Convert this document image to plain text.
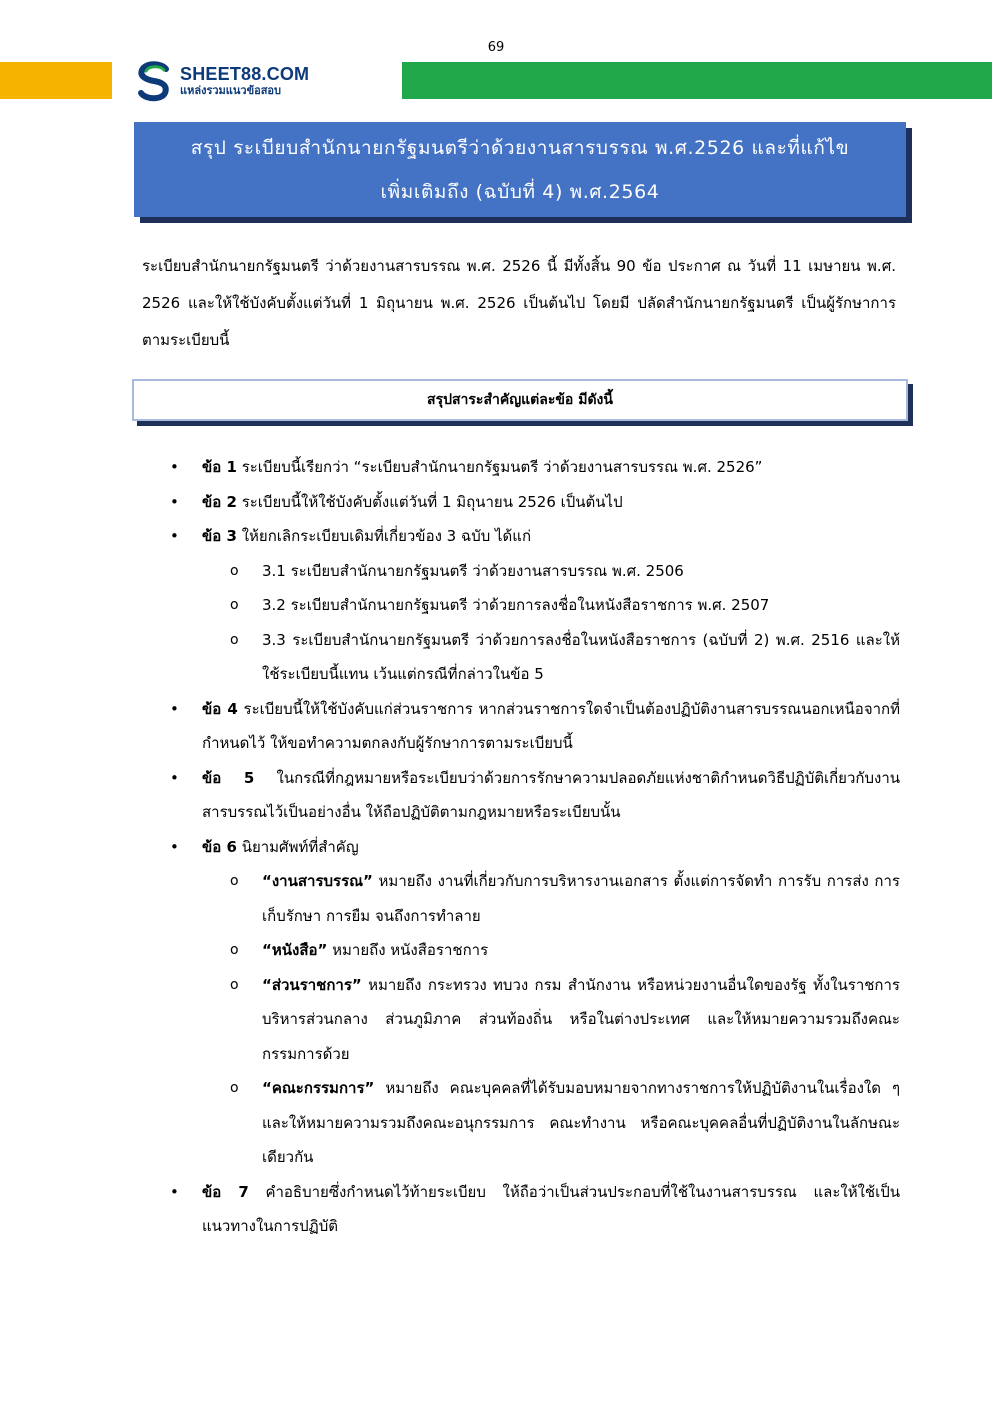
69
SHEET88.COM
แหล่งรวมแนวข้อสอบ
สรุป ระเบียบสำนักนายกรัฐมนตรีว่าด้วยงานสารบรรณ พ.ศ.2526 และที่แก้ไข
เพิ่มเติมถึง (ฉบับที่ 4) พ.ศ.2564
ระเบียบสำนักนายกรัฐมนตรี ว่าด้วยงานสารบรรณ พ.ศ. 2526 นี้ มีทั้งสิ้น 90 ข้อ ประกาศ ณ วันที่ 11 เมษายน พ.ศ. 2526 และให้ใช้บังคับตั้งแต่วันที่ 1 มิถุนายน พ.ศ. 2526 เป็นต้นไป โดยมี ปลัดสำนักนายกรัฐมนตรี เป็นผู้รักษาการตามระเบียบนี้
สรุปสาระสำคัญแต่ละข้อ มีดังนี้
• ข้อ 1 ระเบียบนี้เรียกว่า “ระเบียบสำนักนายกรัฐมนตรี ว่าด้วยงานสารบรรณ พ.ศ. 2526”
• ข้อ 2 ระเบียบนี้ให้ใช้บังคับตั้งแต่วันที่ 1 มิถุนายน 2526 เป็นต้นไป
• ข้อ 3 ให้ยกเลิกระเบียบเดิมที่เกี่ยวข้อง 3 ฉบับ ได้แก่
o 3.1 ระเบียบสำนักนายกรัฐมนตรี ว่าด้วยงานสารบรรณ พ.ศ. 2506
o 3.2 ระเบียบสำนักนายกรัฐมนตรี ว่าด้วยการลงชื่อในหนังสือราชการ พ.ศ. 2507
o 3.3 ระเบียบสำนักนายกรัฐมนตรี ว่าด้วยการลงชื่อในหนังสือราชการ (ฉบับที่ 2) พ.ศ. 2516 และให้ใช้ระเบียบนี้แทน เว้นแต่กรณีที่กล่าวในข้อ 5
• ข้อ 4 ระเบียบนี้ให้ใช้บังคับแก่ส่วนราชการ หากส่วนราชการใดจำเป็นต้องปฏิบัติงานสารบรรณนอกเหนือจากที่กำหนดไว้ ให้ขอทำความตกลงกับผู้รักษาการตามระเบียบนี้
• ข้อ 5 ในกรณีที่กฎหมายหรือระเบียบว่าด้วยการรักษาความปลอดภัยแห่งชาติกำหนดวิธีปฏิบัติเกี่ยวกับงานสารบรรณไว้เป็นอย่างอื่น ให้ถือปฏิบัติตามกฎหมายหรือระเบียบนั้น
• ข้อ 6 นิยามศัพท์ที่สำคัญ
o “งานสารบรรณ” หมายถึง งานที่เกี่ยวกับการบริหารงานเอกสาร ตั้งแต่การจัดทำ การรับ การส่ง การเก็บรักษา การยืม จนถึงการทำลาย
o “หนังสือ” หมายถึง หนังสือราชการ
o “ส่วนราชการ” หมายถึง กระทรวง ทบวง กรม สำนักงาน หรือหน่วยงานอื่นใดของรัฐ ทั้งในราชการบริหารส่วนกลาง ส่วนภูมิภาค ส่วนท้องถิ่น หรือในต่างประเทศ และให้หมายความรวมถึงคณะกรรมการด้วย
o “คณะกรรมการ” หมายถึง คณะบุคคลที่ได้รับมอบหมายจากทางราชการให้ปฏิบัติงานในเรื่องใด ๆ และให้หมายความรวมถึงคณะอนุกรรมการ คณะทำงาน หรือคณะบุคคลอื่นที่ปฏิบัติงานในลักษณะเดียวกัน
• ข้อ 7 คำอธิบายซึ่งกำหนดไว้ท้ายระเบียบ ให้ถือว่าเป็นส่วนประกอบที่ใช้ในงานสารบรรณ และให้ใช้เป็นแนวทางในการปฏิบัติ
